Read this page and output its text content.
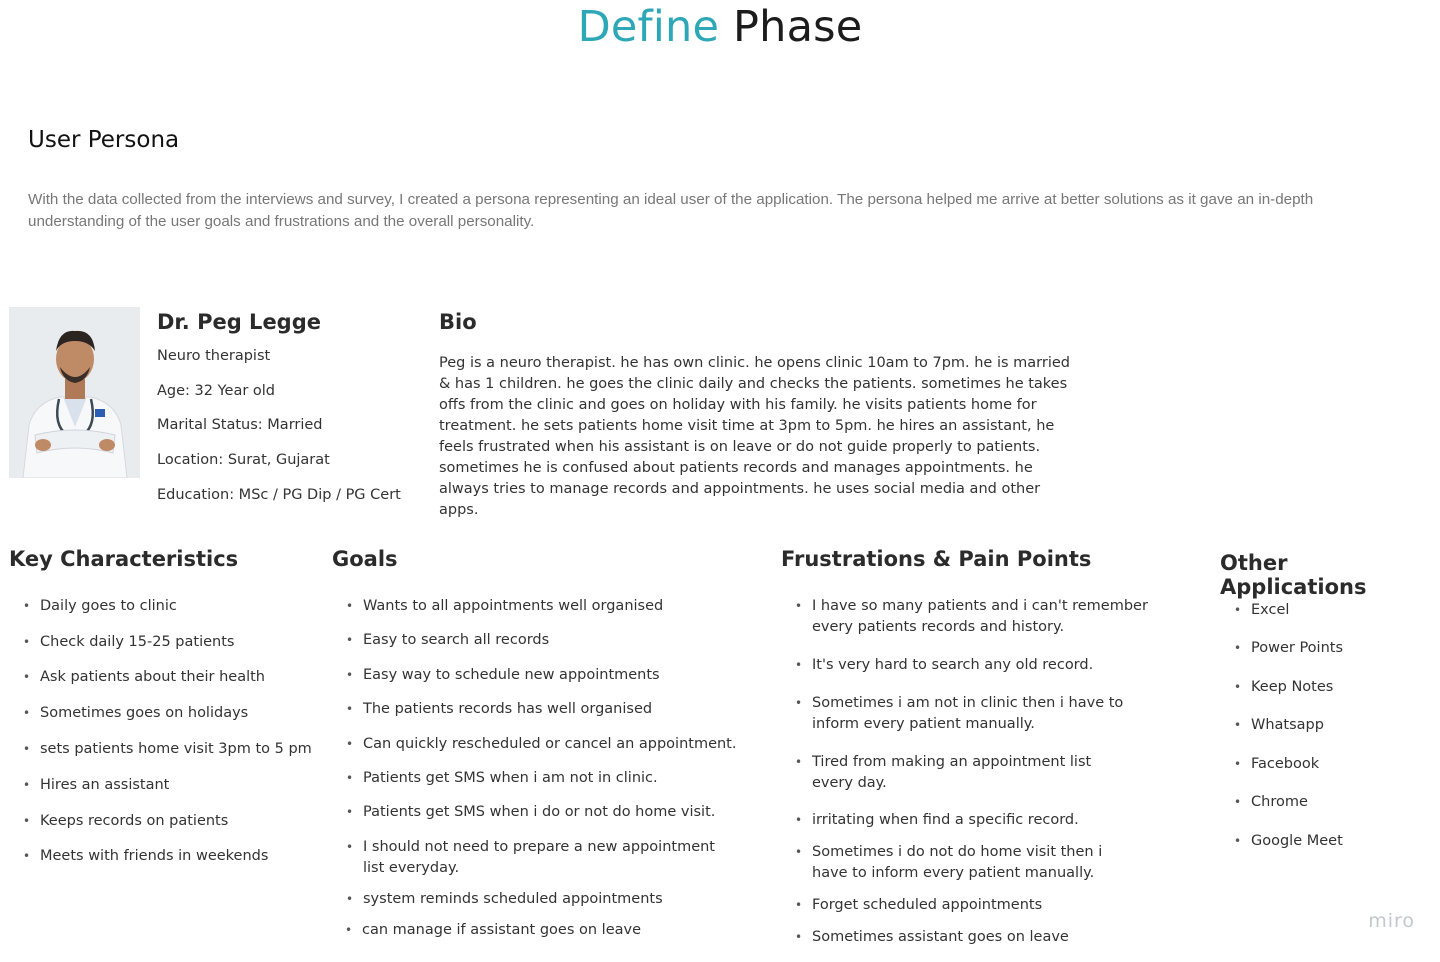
Define Phase
User Persona
With the data collected from the interviews and survey, I created a persona representing an ideal user of the application. The persona helped me arrive at better solutions as it gave an in-depth understanding of the user goals and frustrations and the overall personality.
Dr. Peg Legge
Neuro therapist
Age: 32 Year old
Marital Status: Married
Location: Surat, Gujarat
Education: MSc / PG Dip / PG Cert
Bio
Peg is a neuro therapist. he has own clinic. he opens clinic 10am to 7pm. he is married
& has 1 children. he goes the clinic daily and checks the patients. sometimes he takes
offs from the clinic and goes on holiday with his family. he visits patients home for
treatment. he sets patients home visit time at 3pm to 5pm. he hires an assistant, he
feels frustrated when his assistant is on leave or do not guide properly to patients.
sometimes he is confused about patients records and manages appointments. he
always tries to manage records and appointments. he uses social media and other
apps.
Key Characteristics
• Daily goes to clinic
• Check daily 15-25 patients
• Ask patients about their health
• Sometimes goes on holidays
• sets patients home visit 3pm to 5 pm
• Hires an assistant
• Keeps records on patients
• Meets with friends in weekends
Goals
• Wants to all appointments well organised
• Easy to search all records
• Easy way to schedule new appointments
• The patients records has well organised
• Can quickly rescheduled or cancel an appointment.
• Patients get SMS when i am not in clinic.
• Patients get SMS when i do or not do home visit.
• I should not need to prepare a new appointment list everyday.
• system reminds scheduled appointments
• can manage if assistant goes on leave
Frustrations & Pain Points
• I have so many patients and i can't remember every patients records and history.
• It's very hard to search any old record.
• Sometimes i am not in clinic then i have to inform every patient manually.
• Tired from making an appointment list every day.
• irritating when find a specific record.
• Sometimes i do not do home visit then i have to inform every patient manually.
• Forget scheduled appointments
• Sometimes assistant goes on leave
Other Applications
• Excel
• Power Points
• Keep Notes
• Whatsapp
• Facebook
• Chrome
• Google Meet
miro
